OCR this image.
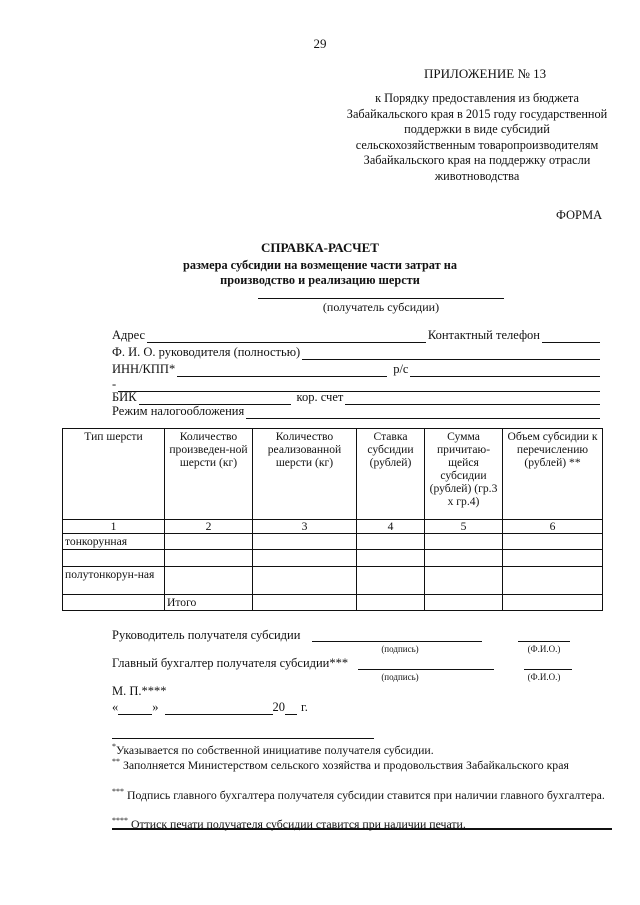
29
ПРИЛОЖЕНИЕ № 13
к Порядку предоставления из бюджета Забайкальского края в 2015 году государственной поддержки в виде субсидий сельскохозяйственным товаропроизводителям Забайкальского края на поддержку отрасли животноводства
ФОРМА
СПРАВКА-РАСЧЕТ
размера субсидии на возмещение части затрат на производство и реализацию шерсти
(получатель субсидии)
Адрес	Контактный телефон
Ф. И. О. руководителя (полностью)
ИНН/КПП*	р/с
-
БИК	кор. счет
Режим налогообложения
Тип шерсти	Количество произведен-ной шерсти (кг)	Количество реализованной шерсти (кг)	Ставка субсидии (рублей)	Сумма причитаю-щейся субсидии (рублей) (гр.3 х гр.4)	Объем субсидии к перечислению (рублей) **
1	2	3	4	5	6
тонкорунная					

полутонкорун-ная					
	Итого				
Руководитель получателя субсидии
(подпись)	(Ф.И.О.)
Главный бухгалтер получателя субсидии***
(подпись)	(Ф.И.О.)
М. П.****
«	»	20 г.
*Указывается по собственной инициативе получателя субсидии.
** Заполняется Министерством сельского хозяйства и продовольствия Забайкальского края
*** Подпись главного бухгалтера получателя субсидии ставится при наличии главного бухгалтера.
**** Оттиск печати получателя субсидии ставится при наличии печати.
